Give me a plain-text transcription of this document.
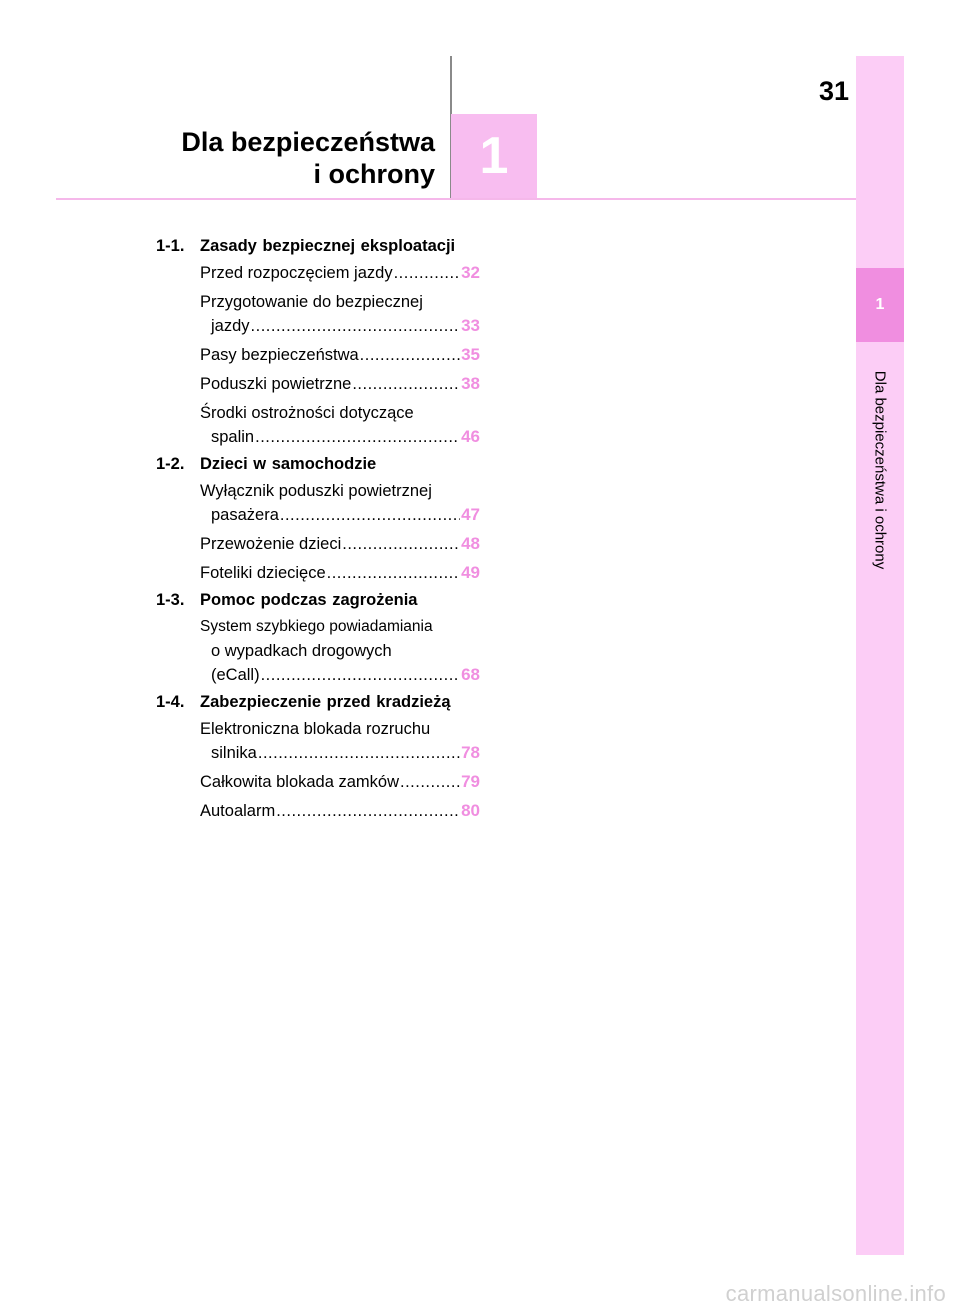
31
1
Dla bezpieczeństwa
i ochrony
1
Dla bezpieczeństwa i ochrony
1-1. Zasady bezpiecznej eksploatacji
Przed rozpoczęciem jazdy .....	32
Przygotowanie do bezpiecznej
jazdy .....	33
Pasy bezpieczeństwa .....	35
Poduszki powietrzne .....	38
Środki ostrożności dotyczące
spalin .....	46
1-2. Dzieci w samochodzie
Wyłącznik poduszki powietrznej
pasażera .....	47
Przewożenie dzieci .....	48
Foteliki dziecięce .....	49
1-3. Pomoc podczas zagrożenia
System szybkiego powiadamiania
o wypadkach drogowych
(eCall) .....	68
1-4. Zabezpieczenie przed kradzieżą
Elektroniczna blokada rozruchu
silnika .....	78
Całkowita blokada zamków .....	79
Autoalarm .....	80
carmanualsonline.info
